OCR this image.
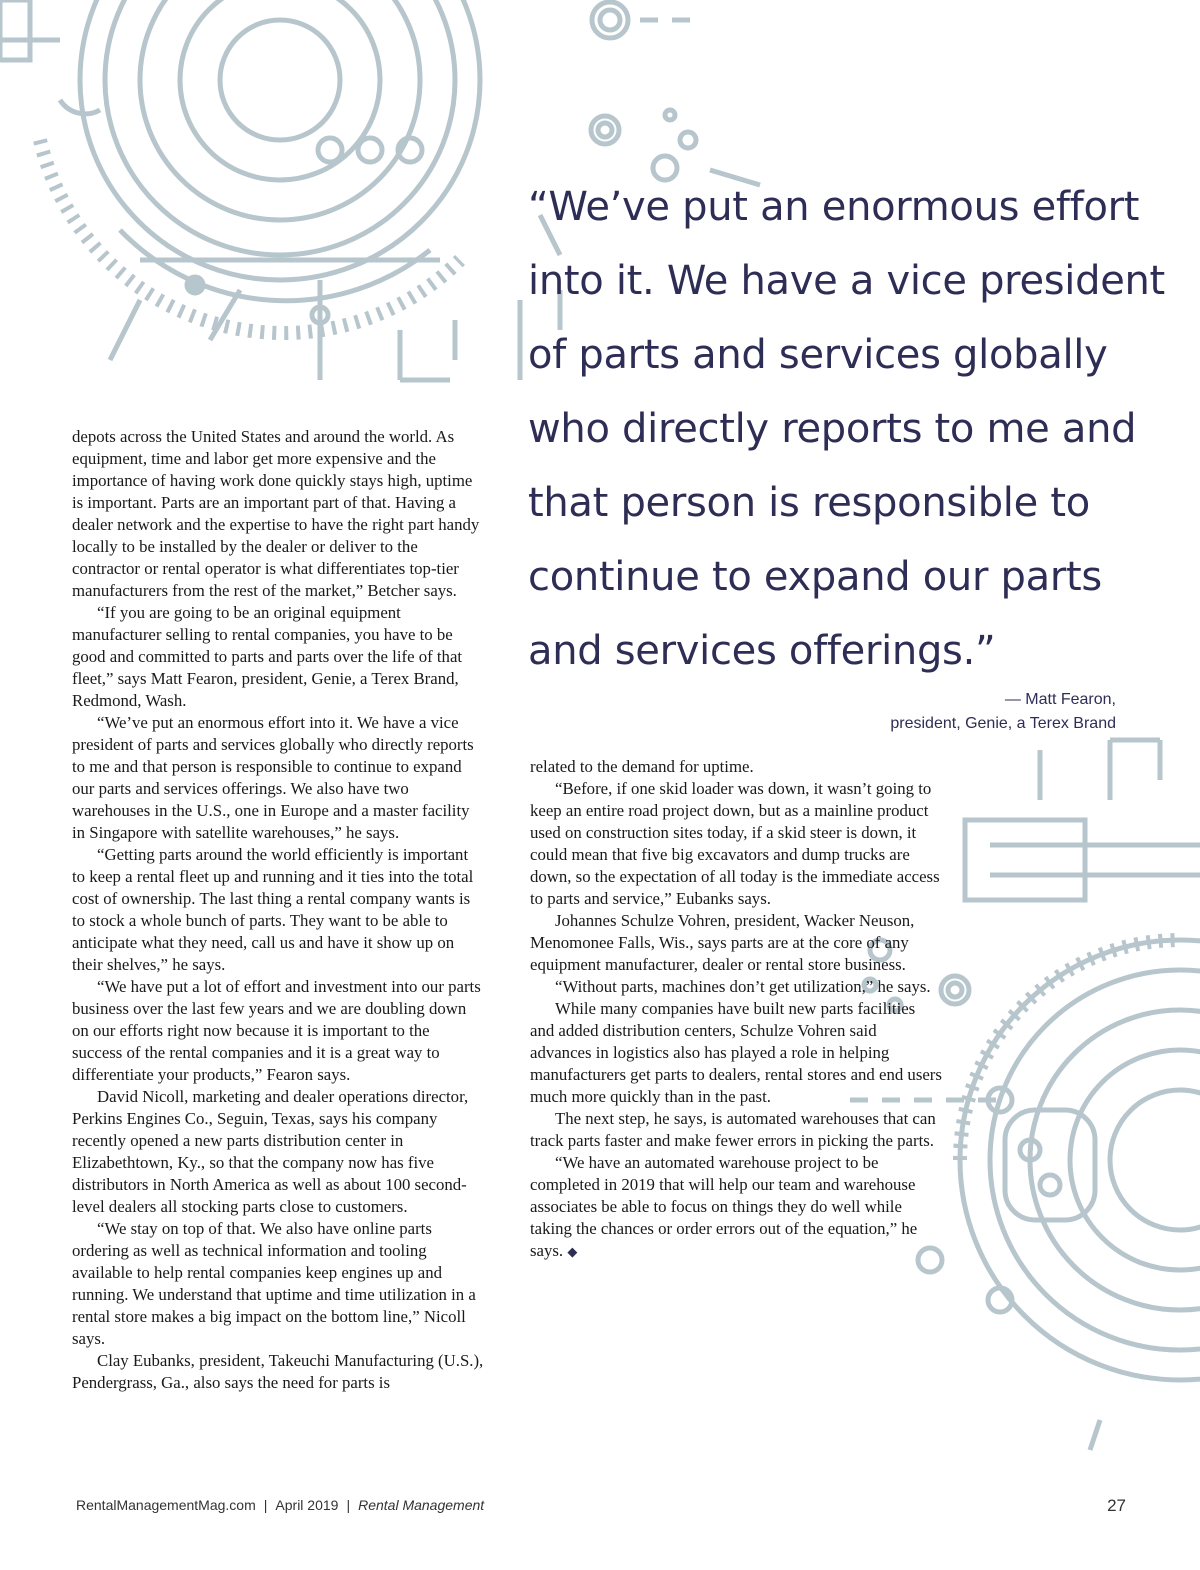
“We’ve put an enormous effort
into it. We have a vice president
of parts and services globally
who directly reports to me and
that person is responsible to
continue to expand our parts
and services offerings.”
— Matt Fearon,
president, Genie, a Terex Brand

depots across the United States and around the world. As equipment, time and labor get more expensive and the importance of having work done quickly stays high, uptime is important. Parts are an important part of that. Having a dealer network and the expertise to have the right part handy locally to be installed by the dealer or deliver to the contractor or rental operator is what differentiates top-tier manufacturers from the rest of the market,” Betcher says.

“If you are going to be an original equipment manufacturer selling to rental companies, you have to be good and committed to parts and parts over the life of that fleet,” says Matt Fearon, president, Genie, a Terex Brand, Redmond, Wash.

“We’ve put an enormous effort into it. We have a vice president of parts and services globally who directly reports to me and that person is responsible to continue to expand our parts and services offerings. We also have two warehouses in the U.S., one in Europe and a master facility in Singapore with satellite warehouses,” he says.

“Getting parts around the world efficiently is important to keep a rental fleet up and running and it ties into the total cost of ownership. The last thing a rental company wants is to stock a whole bunch of parts. They want to be able to anticipate what they need, call us and have it show up on their shelves,” he says.

“We have put a lot of effort and investment into our parts business over the last few years and we are doubling down on our efforts right now because it is important to the success of the rental companies and it is a great way to differentiate your products,” Fearon says.

David Nicoll, marketing and dealer operations director, Perkins Engines Co., Seguin, Texas, says his company recently opened a new parts distribution center in Elizabethtown, Ky., so that the company now has five distributors in North America as well as about 100 second-level dealers all stocking parts close to customers.

“We stay on top of that. We also have online parts ordering as well as technical information and tooling available to help rental companies keep engines up and running. We understand that uptime and time utilization in a rental store makes a big impact on the bottom line,” Nicoll says.

Clay Eubanks, president, Takeuchi Manufacturing (U.S.), Pendergrass, Ga., also says the need for parts is

related to the demand for uptime.

“Before, if one skid loader was down, it wasn’t going to keep an entire road project down, but as a mainline product used on construction sites today, if a skid steer is down, it could mean that five big excavators and dump trucks are down, so the expectation of all today is the immediate access to parts and service,” Eubanks says.

Johannes Schulze Vohren, president, Wacker Neuson, Menomonee Falls, Wis., says parts are at the core of any equipment manufacturer, dealer or rental store business.

“Without parts, machines don’t get utilization,” he says.

While many companies have built new parts facilities and added distribution centers, Schulze Vohren said advances in logistics also has played a role in helping manufacturers get parts to dealers, rental stores and end users much more quickly than in the past.

The next step, he says, is automated warehouses that can track parts faster and make fewer errors in picking the parts.

“We have an automated warehouse project to be completed in 2019 that will help our team and warehouse associates be able to focus on things they do well while taking the chances or order errors out of the equation,” he says. ◆

RentalManagementMag.com | April 2019 | Rental Management	27
